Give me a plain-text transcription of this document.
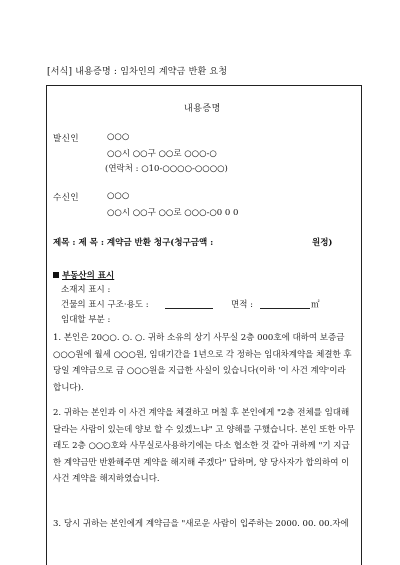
[서식] 내용증명 : 임차인의 계약금 반환 요청
내용증명
발신인	○○○
○○시 ○○구 ○○로 ○○○-○
(연락처 : ○10-○○○○-○○○○)
수신인	○○○
○○시 ○○구 ○○로 ○○○-○0 0 0
제목 : 제 목 : 계약금 반환 청구(청구금액 :	원정)
부동산의 표시
소재지 표시 :
건물의 표시 구조·용도 :	면적 :	㎡
임대할 부분 :
1. 본인은 20○○. ○. ○. 귀하 소유의 상기 사무실 2층 000호에 대하여 보증금 ○○○원에 월세 ○○○원, 임대기간을 1년으로 각 정하는 임대차계약을 체결한 후 당일 계약금으로 금 ○○○원을 지급한 사실이 있습니다(이하 '이 사건 계약'이라 합니다).
2. 귀하는 본인과 이 사건 계약을 체결하고 며칠 후 본인에게 "2층 전체를 임대해 달라는 사람이 있는데 양보 할 수 있겠느냐" 고 양해를 구했습니다. 본인 또한 아무래도 2층 ○○○호와 사무실로사용하기에는 다소 협소한 것 같아 귀하께 "기 지급한 계약금만 반환해주면 계약을 해지해 주겠다" 답하며, 양 당사자가 합의하여 이 사건 계약을 해지하였습니다.
3. 당시 귀하는 본인에게 계약금을 "새로운 사람이 입주하는 2000. 00. 00.자에
